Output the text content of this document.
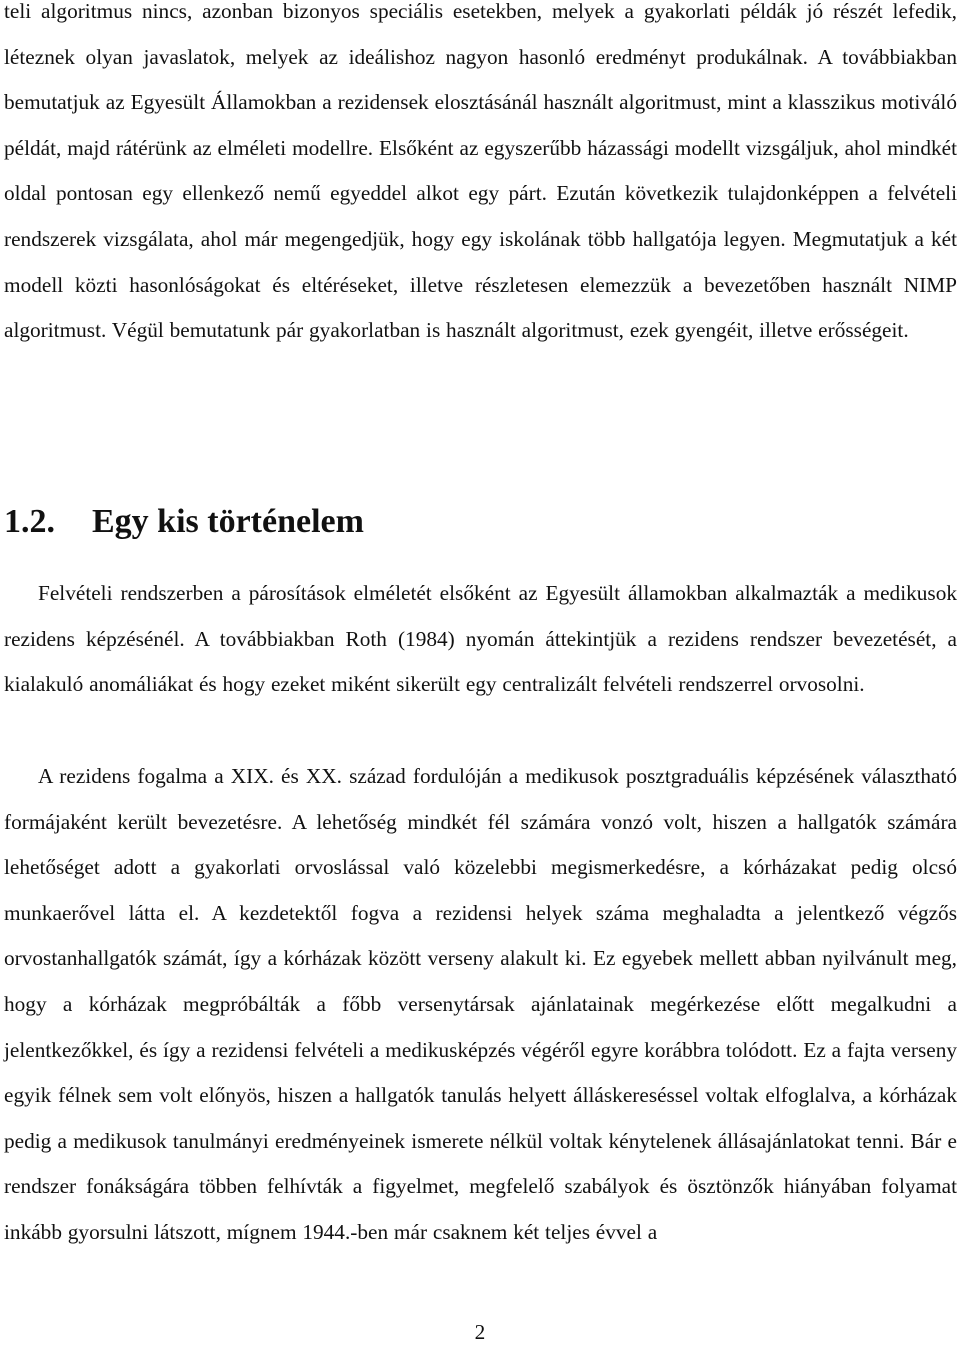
teli algoritmus nincs, azonban bizonyos speciális esetekben, melyek a gyakorlati példák jó részét lefedik, léteznek olyan javaslatok, melyek az ideálishoz nagyon hasonló eredményt produkálnak. A továbbiakban bemutatjuk az Egyesült Államokban a rezidensek elosztásánál használt algoritmust, mint a klasszikus motiváló példát, majd rátérünk az elméleti modellre. Elsőként az egyszerűbb házassági modellt vizsgáljuk, ahol mindkét oldal pontosan egy ellenkező nemű egyeddel alkot egy párt. Ezután következik tulajdonképpen a felvételi rendszerek vizsgálata, ahol már megengedjük, hogy egy iskolának több hallgatója legyen. Megmutatjuk a két modell közti hasonlóságokat és eltéréseket, illetve részletesen elemezzük a bevezetőben használt NIMP algoritmust. Végül bemutatunk pár gyakorlatban is használt algoritmust, ezek gyengéit, illetve erősségeit.

1.2. Egy kis történelem

Felvételi rendszerben a párosítások elméletét elsőként az Egyesült államokban alkalmazták a medikusok rezidens képzésénél. A továbbiakban Roth (1984) nyomán áttekintjük a rezidens rendszer bevezetését, a kialakuló anomáliákat és hogy ezeket miként sikerült egy centralizált felvételi rendszerrel orvosolni.

A rezidens fogalma a XIX. és XX. század fordulóján a medikusok posztgraduális képzésének választható formájaként került bevezetésre. A lehetőség mindkét fél számára vonzó volt, hiszen a hallgatók számára lehetőséget adott a gyakorlati orvoslással való közelebbi megismerkedésre, a kórházakat pedig olcsó munkaerővel látta el. A kezdetektől fogva a rezidensi helyek száma meghaladta a jelentkező végzős orvostanhallgatók számát, így a kórházak között verseny alakult ki. Ez egyebek mellett abban nyilvánult meg, hogy a kórházak megpróbálták a főbb versenytársak ajánlatainak megérkezése előtt megalkudni a jelentkezőkkel, és így a rezidensi felvételi a medikusképzés végéről egyre korábbra tolódott. Ez a fajta verseny egyik félnek sem volt előnyös, hiszen a hallgatók tanulás helyett álláskereséssel voltak elfoglalva, a kórházak pedig a medikusok tanulmányi eredményeinek ismerete nélkül voltak kénytelenek állásajánlatokat tenni. Bár e rendszer fonákságára többen felhívták a figyelmet, megfelelő szabályok és ösztönzők hiányában folyamat inkább gyorsulni látszott, mígnem 1944.-ben már csaknem két teljes évvel a

2
